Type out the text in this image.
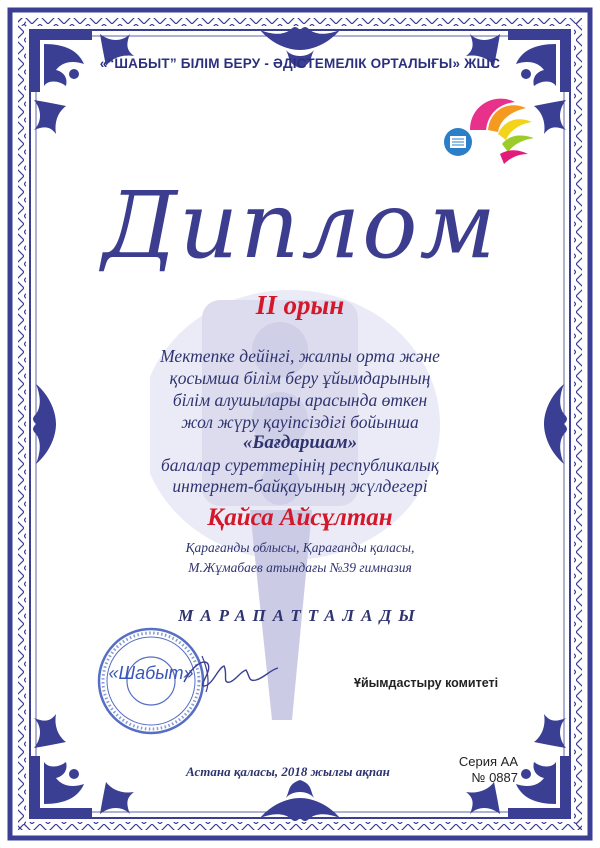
«“ШАБЫТ” БІЛІМ БЕРУ - ӘДІСТЕМЕЛІК ОРТАЛЫҒЫ» ЖШС
Диплом
II орын
Мектепке дейінгі, жалпы орта және
қосымша білім беру ұйымдарының
білім алушылары арасында өткен
жол жүру қауіпсіздігі бойынша
«Бағдаршам»
балалар суреттерінің республикалық
интернет-байқауының жүлдегері
Қайса Айсұлтан
Қарағанды облысы, Қарағанды қаласы,
М.Жұмабаев атындағы №39 гимназия
МАРАПАТТАЛАДЫ
«Шабыт»	Ұйымдастыру комитеті
Астана қаласы, 2018 жылғы ақпан
Серия АА
№ 0887
